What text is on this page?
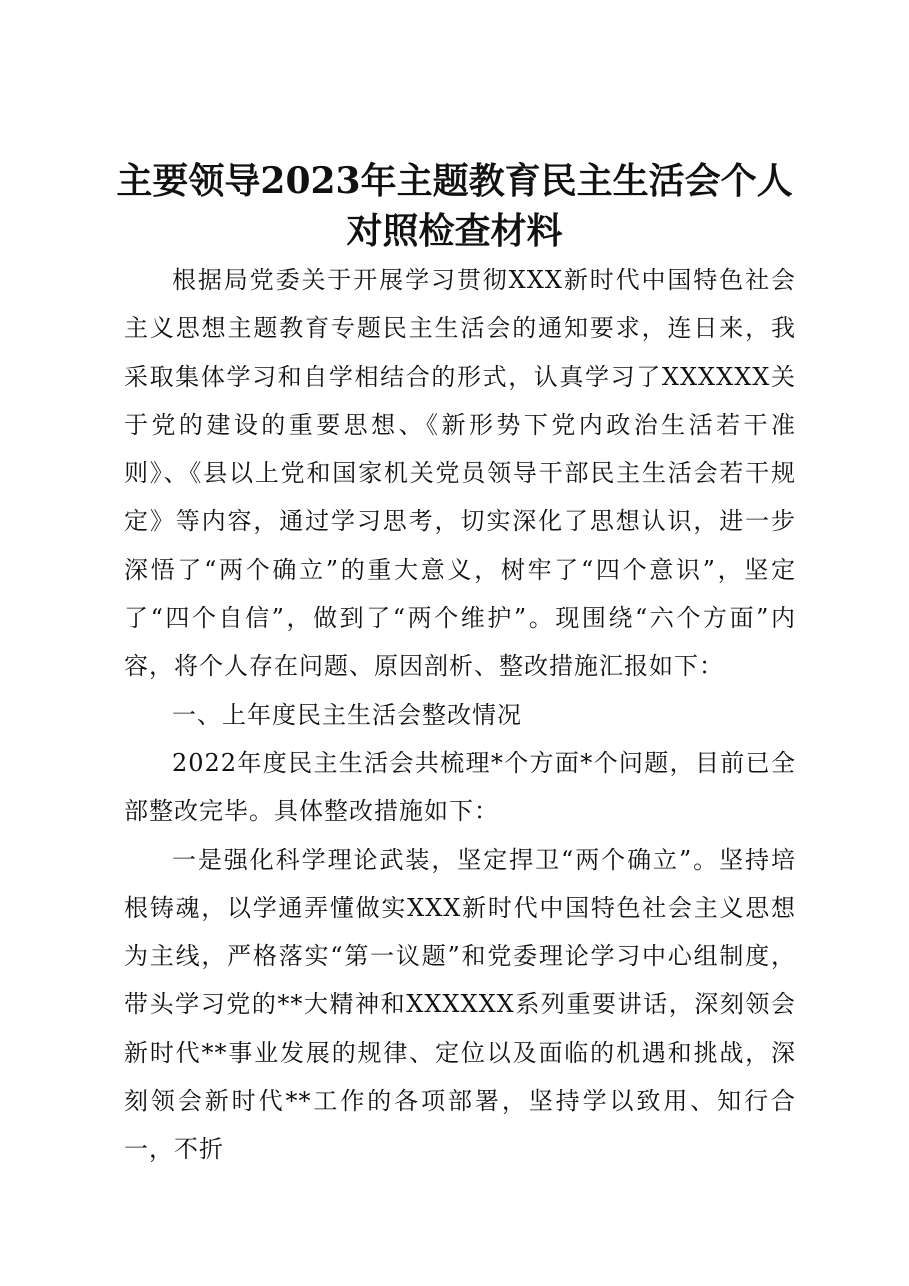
主要领导2023年主题教育民主生活会个人对照检查材料

根据局党委关于开展学习贯彻XXX新时代中国特色社会主义思想主题教育专题民主生活会的通知要求，连日来，我采取集体学习和自学相结合的形式，认真学习了XXXXXX关于党的建设的重要思想、《新形势下党内政治生活若干准则》、《县以上党和国家机关党员领导干部民主生活会若干规定》等内容，通过学习思考，切实深化了思想认识，进一步深悟了“两个确立”的重大意义，树牢了“四个意识”，坚定了“四个自信”，做到了“两个维护”。现围绕“六个方面”内容，将个人存在问题、原因剖析、整改措施汇报如下：

一、上年度民主生活会整改情况

2022年度民主生活会共梳理*个方面*个问题，目前已全部整改完毕。具体整改措施如下：

一是强化科学理论武装，坚定捍卫“两个确立”。坚持培根铸魂，以学通弄懂做实XXX新时代中国特色社会主义思想为主线，严格落实“第一议题”和党委理论学习中心组制度，带头学习党的**大精神和XXXXXX系列重要讲话，深刻领会新时代**事业发展的规律、定位以及面临的机遇和挑战，深刻领会新时代**工作的各项部署，坚持学以致用、知行合一，不折
